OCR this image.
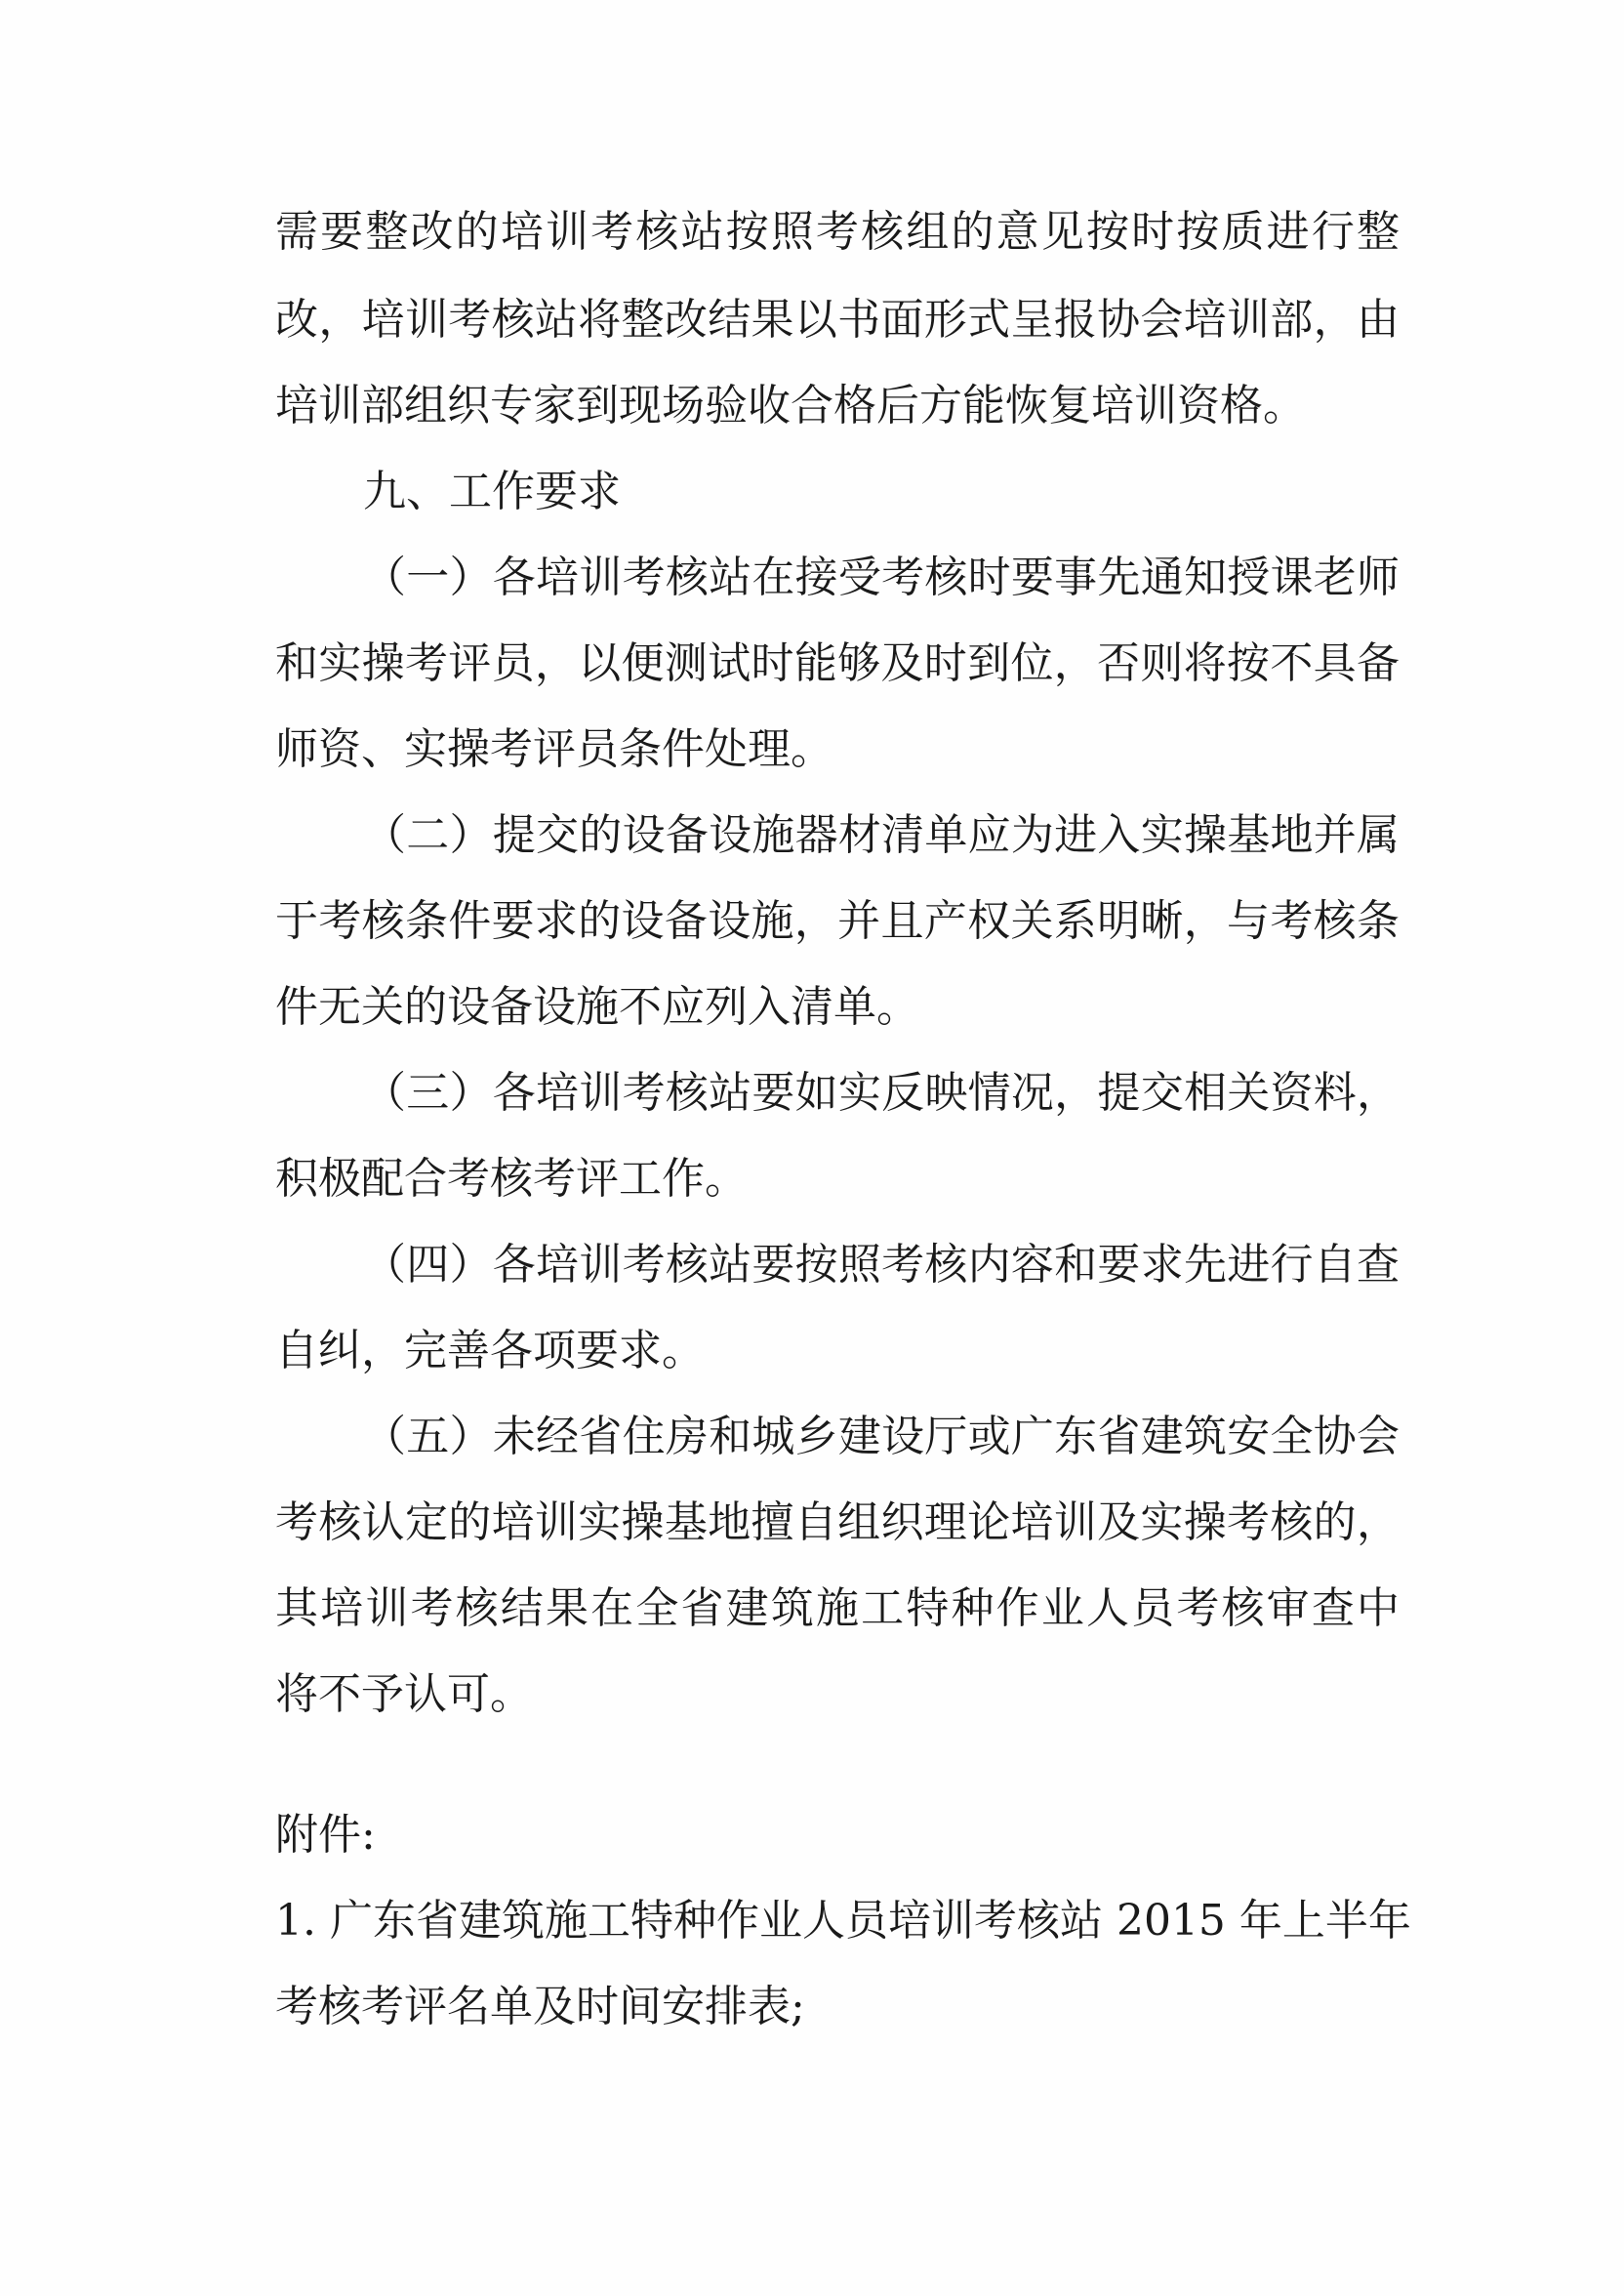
需要整改的培训考核站按照考核组的意见按时按质进行整
改，培训考核站将整改结果以书面形式呈报协会培训部，由
培训部组织专家到现场验收合格后方能恢复培训资格。
九、工作要求
（一）各培训考核站在接受考核时要事先通知授课老师
和实操考评员，以便测试时能够及时到位，否则将按不具备
师资、实操考评员条件处理。
（二）提交的设备设施器材清单应为进入实操基地并属
于考核条件要求的设备设施，并且产权关系明晰，与考核条
件无关的设备设施不应列入清单。
（三）各培训考核站要如实反映情况，提交相关资料，
积极配合考核考评工作。
（四）各培训考核站要按照考核内容和要求先进行自查
自纠，完善各项要求。
（五）未经省住房和城乡建设厅或广东省建筑安全协会
考核认定的培训实操基地擅自组织理论培训及实操考核的，
其培训考核结果在全省建筑施工特种作业人员考核审查中
将不予认可。
附件:
1. 广东省建筑施工特种作业人员培训考核站 2015 年上半年
考核考评名单及时间安排表;
